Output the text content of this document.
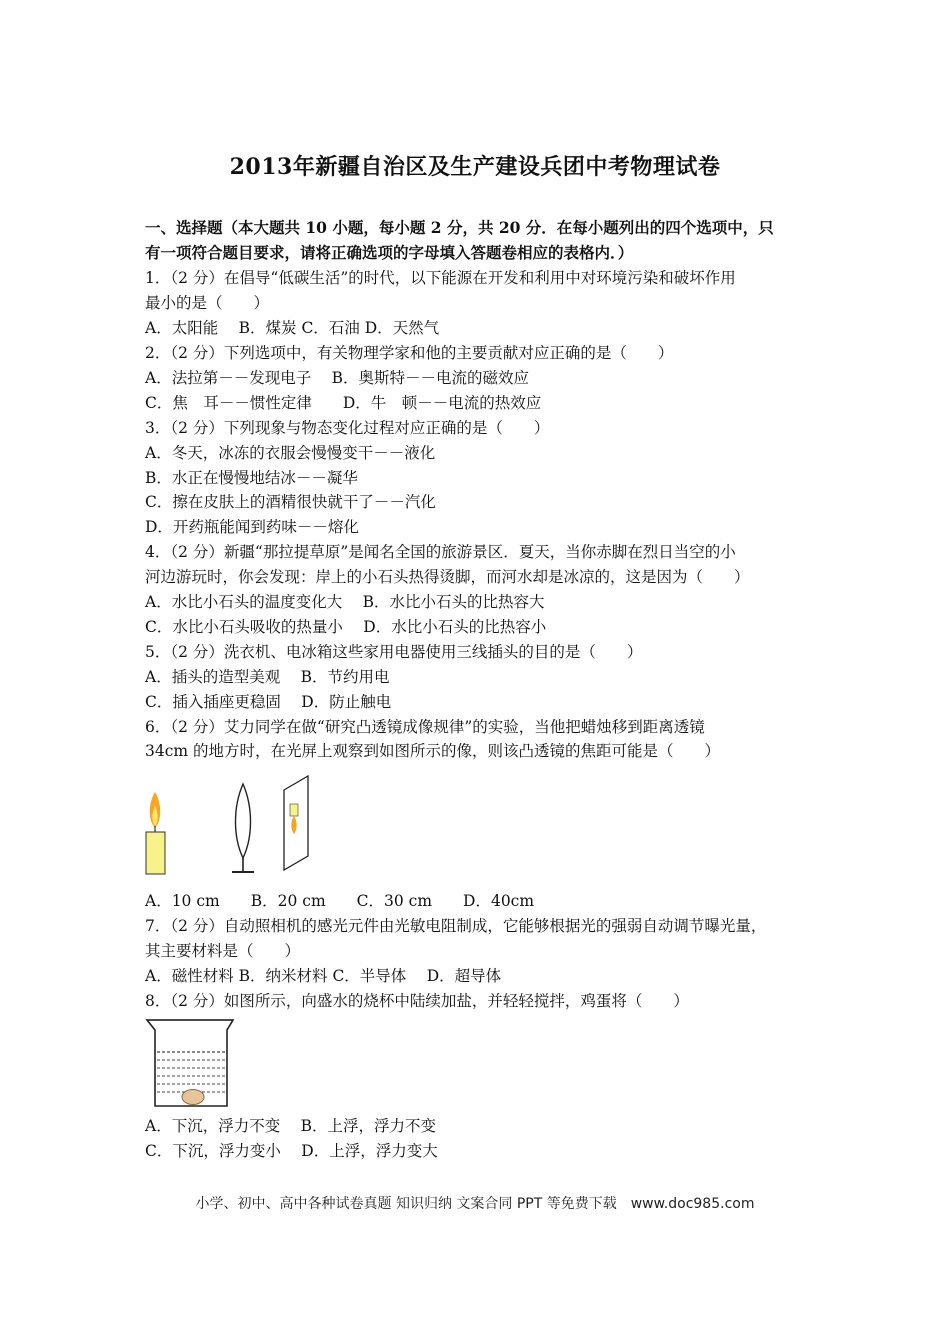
2013年新疆自治区及生产建设兵团中考物理试卷
一、选择题（本大题共 10 小题，每小题 2 分，共 20 分．在每小题列出的四个选项中，只
有一项符合题目要求，请将正确选项的字母填入答题卷相应的表格内．）
1．（2 分）在倡导“低碳生活”的时代，以下能源在开发和利用中对环境污染和破坏作用
最小的是（　　）
A．太阳能　 B．煤炭 C．石油 D．天然气
2．（2 分）下列选项中，有关物理学家和他的主要贡献对应正确的是（　　）
A．法拉第－－发现电子　 B．奥斯特－－电流的磁效应
C．焦　耳－－惯性定律　　D．牛　顿－－电流的热效应
3．（2 分）下列现象与物态变化过程对应正确的是（　　）
A．冬天，冰冻的衣服会慢慢变干－－液化
B．水正在慢慢地结冰－－凝华
C．擦在皮肤上的酒精很快就干了－－汽化
D．开药瓶能闻到药味－－熔化
4．（2 分）新疆“那拉提草原”是闻名全国的旅游景区．夏天，当你赤脚在烈日当空的小
河边游玩时，你会发现：岸上的小石头热得烫脚，而河水却是冰凉的，这是因为（　　）
A．水比小石头的温度变化大　 B．水比小石头的比热容大
C．水比小石头吸收的热量小　 D．水比小石头的比热容小
5．（2 分）洗衣机、电冰箱这些家用电器使用三线插头的目的是（　　）
A．插头的造型美观　 B．节约用电
C．插入插座更稳固　 D．防止触电
6．（2 分）艾力同学在做“研究凸透镜成像规律”的实验，当他把蜡烛移到距离透镜
34cm 的地方时，在光屏上观察到如图所示的像，则该凸透镜的焦距可能是（　　）
A．10 cm　　B．20 cm　　C．30 cm　　D．40cm
7．（2 分）自动照相机的感光元件由光敏电阻制成，它能够根据光的强弱自动调节曝光量，
其主要材料是（　　）
A．磁性材料 B．纳米材料 C．半导体　 D．超导体
8．（2 分）如图所示，向盛水的烧杯中陆续加盐，并轻轻搅拌，鸡蛋将（　　）
A．下沉，浮力不变　 B．上浮，浮力不变
C．下沉，浮力变小　 D．上浮，浮力变大
小学、初中、高中各种试卷真题 知识归纳 文案合同 PPT 等免费下载　www.doc985.com
